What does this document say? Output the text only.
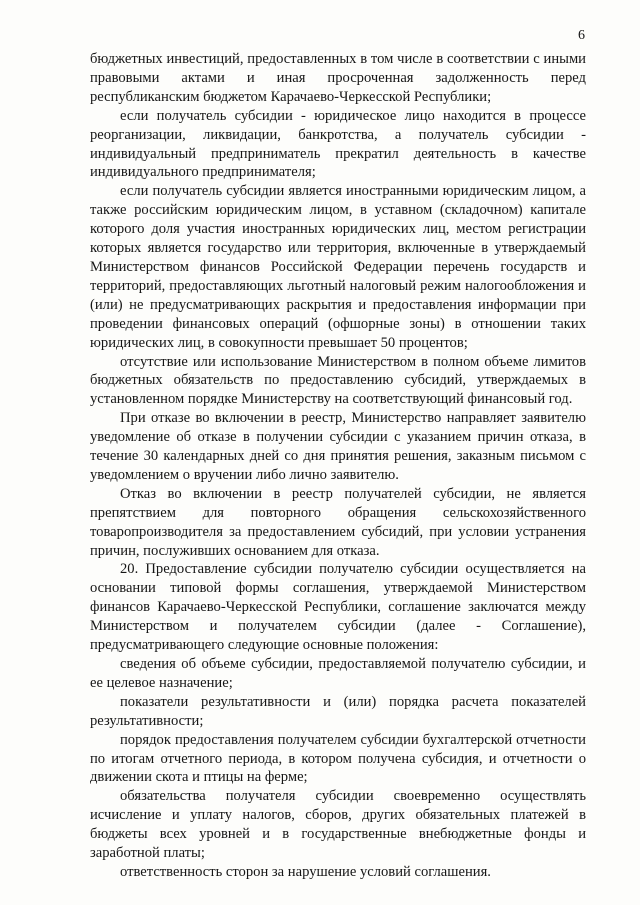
6

бюджетных инвестиций, предоставленных в том числе в соответствии с иными правовыми актами и иная просроченная задолженность перед республиканским бюджетом Карачаево-Черкесской Республики;

если получатель субсидии - юридическое лицо находится в процессе реорганизации, ликвидации, банкротства, а получатель субсидии - индивидуальный предприниматель прекратил деятельность в качестве индивидуального предпринимателя;

если получатель субсидии является иностранными юридическим лицом, а также российским юридическим лицом, в уставном (складочном) капитале которого доля участия иностранных юридических лиц, местом регистрации которых является государство или территория, включенные в утверждаемый Министерством финансов Российской Федерации перечень государств и территорий, предоставляющих льготный налоговый режим налогообложения и (или) не предусматривающих раскрытия и предоставления информации при проведении финансовых операций (офшорные зоны) в отношении таких юридических лиц, в совокупности превышает 50 процентов;

отсутствие или использование Министерством в полном объеме лимитов бюджетных обязательств по предоставлению субсидий, утверждаемых в установленном порядке Министерству на соответствующий финансовый год.

При отказе во включении в реестр, Министерство направляет заявителю уведомление об отказе в получении субсидии с указанием причин отказа, в течение 30 календарных дней со дня принятия решения, заказным письмом с уведомлением о вручении либо лично заявителю.

Отказ во включении в реестр получателей субсидии, не является препятствием для повторного обращения сельскохозяйственного товаропроизводителя за предоставлением субсидий, при условии устранения причин, послуживших основанием для отказа.

20. Предоставление субсидии получателю субсидии осуществляется на основании типовой формы соглашения, утверждаемой Министерством финансов Карачаево-Черкесской Республики, соглашение заключатся между Министерством и получателем субсидии (далее - Соглашение), предусматривающего следующие основные положения:

сведения об объеме субсидии, предоставляемой получателю субсидии, и ее целевое назначение;

показатели результативности и (или) порядка расчета показателей результативности;

порядок предоставления получателем субсидии бухгалтерской отчетности по итогам отчетного периода, в котором получена субсидия, и отчетности о движении скота и птицы на ферме;

обязательства получателя субсидии своевременно осуществлять исчисление и уплату налогов, сборов, других обязательных платежей в бюджеты всех уровней и в государственные внебюджетные фонды и заработной платы;

ответственность сторон за нарушение условий соглашения.
